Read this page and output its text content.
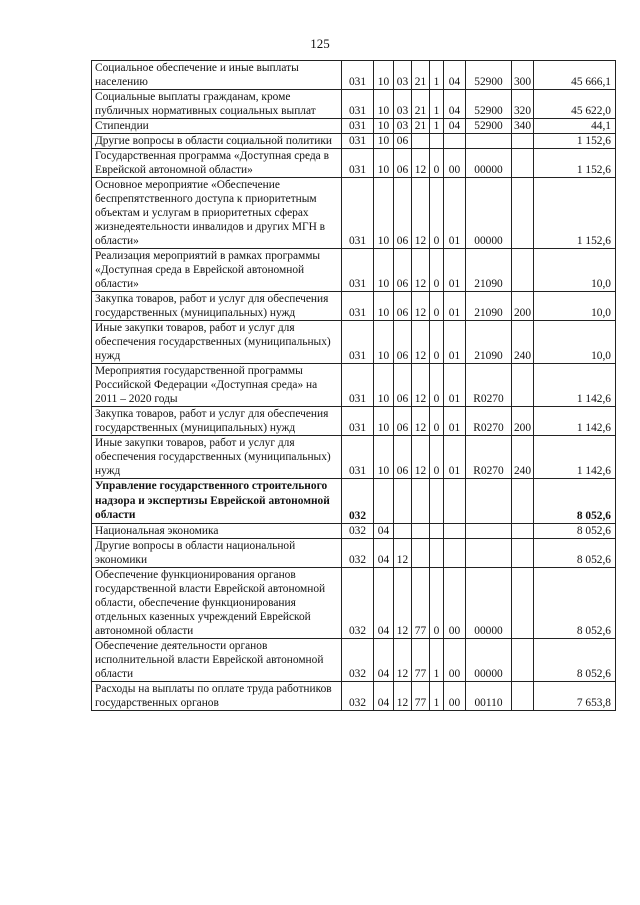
125
Социальное обеспечение и иные выплаты населению	031	10	03	21	1	04	52900	300	45 666,1
Социальные выплаты гражданам, кроме публичных нормативных социальных выплат	031	10	03	21	1	04	52900	320	45 622,0
Стипендии	031	10	03	21	1	04	52900	340	44,1
Другие вопросы в области социальной политики	031	10	06						1 152,6
Государственная программа «Доступная среда в Еврейской автономной области»	031	10	06	12	0	00	00000		1 152,6
Основное мероприятие «Обеспечение беспрепятственного доступа к приоритетным объектам и услугам в приоритетных сферах жизнедеятельности инвалидов и других МГН в области»	031	10	06	12	0	01	00000		1 152,6
Реализация мероприятий в рамках программы «Доступная среда в Еврейской автономной области»	031	10	06	12	0	01	21090		10,0
Закупка товаров, работ и услуг для обеспечения государственных (муниципальных) нужд	031	10	06	12	0	01	21090	200	10,0
Иные закупки товаров, работ и услуг для обеспечения государственных (муниципальных) нужд	031	10	06	12	0	01	21090	240	10,0
Мероприятия государственной программы Российской Федерации «Доступная среда» на 2011 – 2020 годы	031	10	06	12	0	01	R0270		1 142,6
Закупка товаров, работ и услуг для обеспечения государственных (муниципальных) нужд	031	10	06	12	0	01	R0270	200	1 142,6
Иные закупки товаров, работ и услуг для обеспечения государственных (муниципальных) нужд	031	10	06	12	0	01	R0270	240	1 142,6
Управление государственного строительного надзора и экспертизы Еврейской автономной области	032								8 052,6
Национальная экономика	032	04							8 052,6
Другие вопросы в области национальной экономики	032	04	12						8 052,6
Обеспечение функционирования органов государственной власти Еврейской автономной области, обеспечение функционирования отдельных казенных учреждений Еврейской автономной области	032	04	12	77	0	00	00000		8 052,6
Обеспечение деятельности органов исполнительной власти Еврейской автономной области	032	04	12	77	1	00	00000		8 052,6
Расходы на выплаты по оплате труда работников государственных органов	032	04	12	77	1	00	00110		7 653,8
